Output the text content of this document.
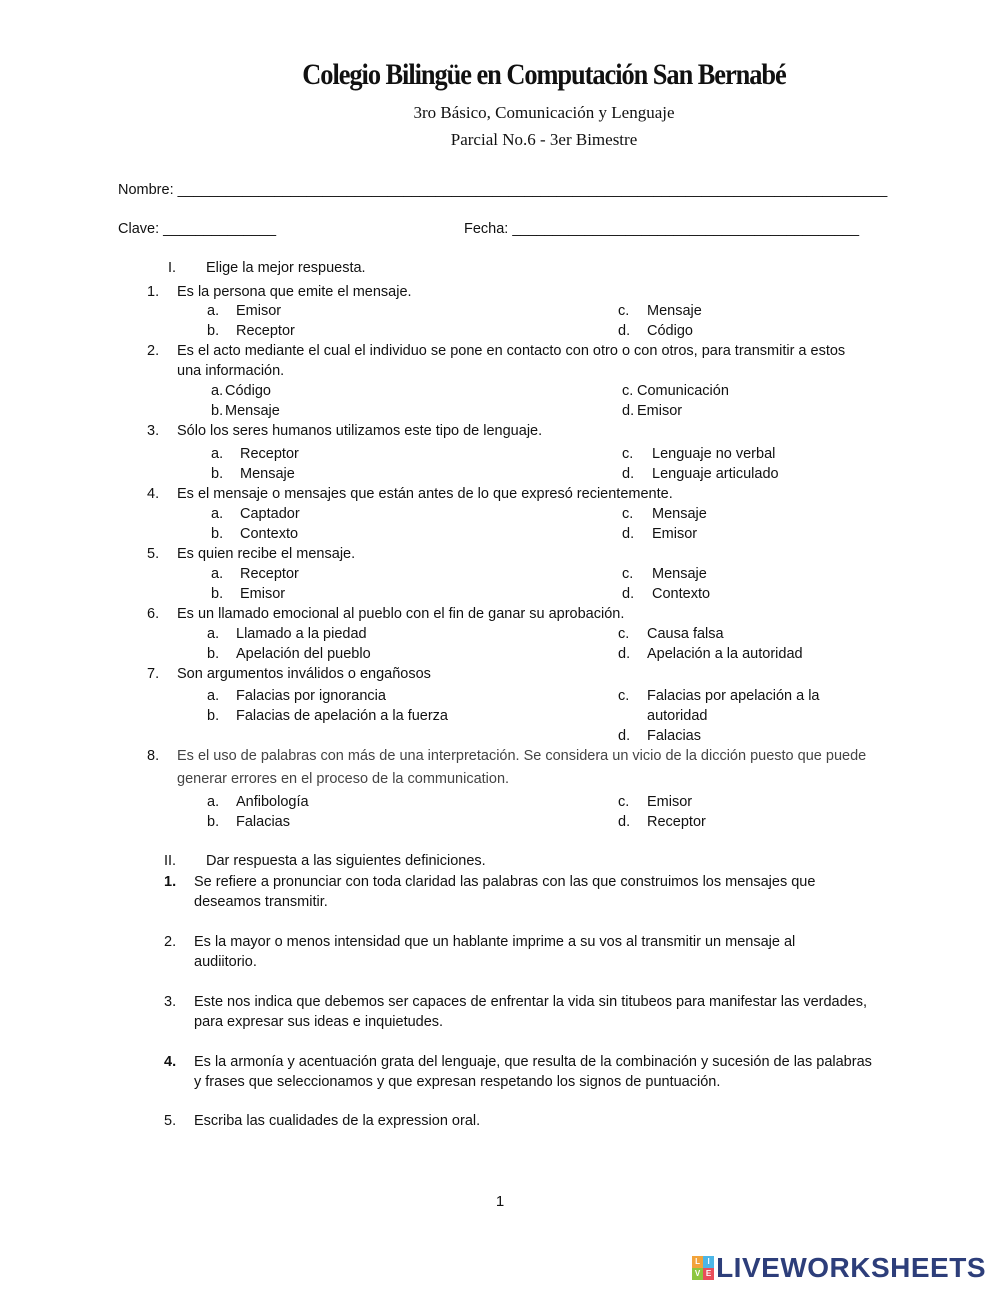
Colegio Bilingüe en Computación San Bernabé
3ro Básico, Comunicación y Lenguaje
Parcial No.6 - 3er Bimestre
Nombre: ________________________________________________________________________________________
Clave: ______________	Fecha: ___________________________________________
I. Elige la mejor respuesta.
1. Es la persona que emite el mensaje.
a. Emisor
b. Receptor
c. Mensaje
d. Código
2. Es el acto mediante el cual el individuo se pone en contacto con otro o con otros, para transmitir a estos
una información.
a. Código
b. Mensaje
c. Comunicación
d. Emisor
3. Sólo los seres humanos utilizamos este tipo de lenguaje.
a. Receptor
b. Mensaje
c. Lenguaje no verbal
d. Lenguaje articulado
4. Es el mensaje o mensajes que están antes de lo que expresó recientemente.
a. Captador
b. Contexto
c. Mensaje
d. Emisor
5. Es quien recibe el mensaje.
a. Receptor
b. Emisor
c. Mensaje
d. Contexto
6. Es un llamado emocional al pueblo con el fin de ganar su aprobación.
a. Llamado a la piedad
b. Apelación del pueblo
c. Causa falsa
d. Apelación a la autoridad
7. Son argumentos inválidos o engañosos
a. Falacias por ignorancia
b. Falacias de apelación a la fuerza
c. Falacias por apelación a la
autoridad
d. Falacias
8. Es el uso de palabras con más de una interpretación. Se considera un vicio de la dicción puesto que puede
generar errores en el proceso de la communication.
a. Anfibología
b. Falacias
c. Emisor
d. Receptor
II. Dar respuesta a las siguientes definiciones.
1. Se refiere a pronunciar con toda claridad las palabras con las que construimos los mensajes que
deseamos transmitir.
2. Es la mayor o menos intensidad que un hablante imprime a su vos al transmitir un mensaje al
audiitorio.
3. Este nos indica que debemos ser capaces de enfrentar la vida sin titubeos para manifestar las verdades,
para expresar sus ideas e inquietudes.
4. Es la armonía y acentuación grata del lenguaje, que resulta de la combinación y sucesión de las palabras
y frases que seleccionamos y que expresan respetando los signos de puntuación.
5. Escriba las cualidades de la expression oral.
1
L I
V E LIVEWORKSHEETS
